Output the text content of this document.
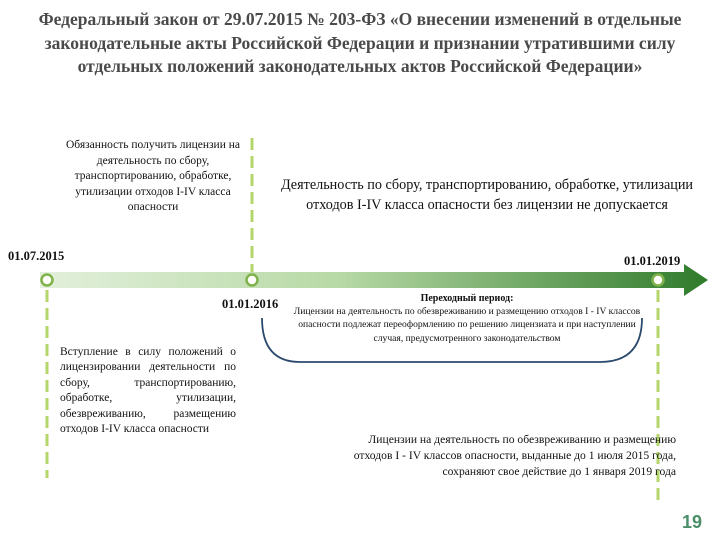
Федеральный закон от 29.07.2015 № 203-ФЗ «О внесении изменений в отдельные законодательные акты Российской Федерации и признании утратившими силу отдельных положений законодательных актов Российской Федерации»
Обязанность получить лицензии на деятельность по сбору, транспортированию, обработке, утилизации отходов I-IV класса опасности
Деятельность по сбору, транспортированию, обработке, утилизации отходов I-IV класса опасности без лицензии не допускается
01.07.2015
01.01.2016
01.01.2019
Вступление в силу положений о лицензировании деятельности по сбору, транспортированию, обработке, утилизации, обезвреживанию, размещению отходов I-IV класса опасности
Переходный период:
Лицензии на деятельность по обезвреживанию и размещению отходов I - IV классов опасности подлежат переоформлению по решению лицензиата и при наступлении случая, предусмотренного законодательством
Лицензии на деятельность по обезвреживанию и размещению отходов I - IV классов опасности, выданные до 1 июля 2015 года, сохраняют свое действие до 1 января 2019 года
19
